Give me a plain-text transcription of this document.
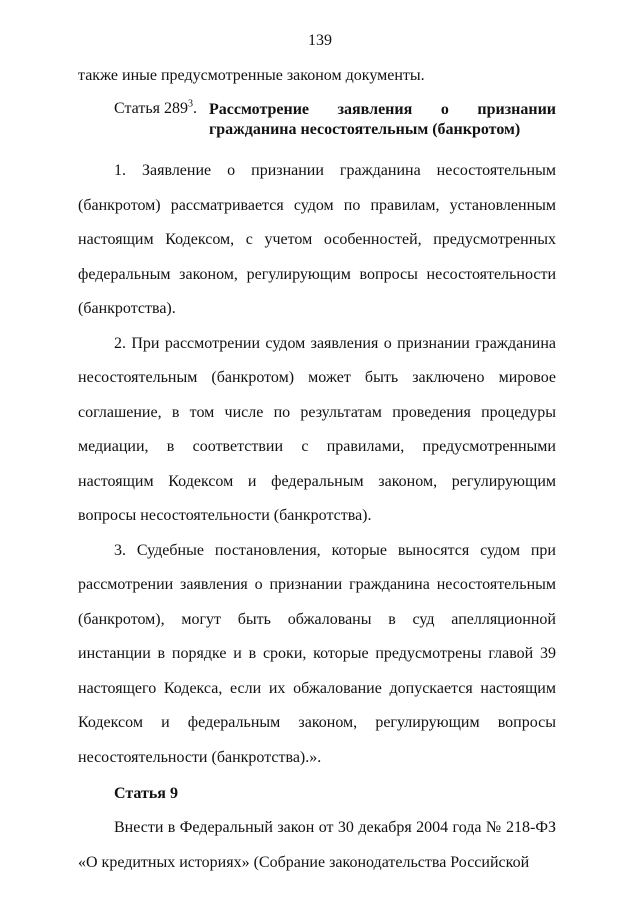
139

также иные предусмотренные законом документы.

Статья $289^3$. Рассмотрение заявления о признании гражданина несостоятельным (банкротом)

1. Заявление о признании гражданина несостоятельным (банкротом) рассматривается судом по правилам, установленным настоящим Кодексом, с учетом особенностей, предусмотренных федеральным законом, регулирующим вопросы несостоятельности (банкротства).

2. При рассмотрении судом заявления о признании гражданина несостоятельным (банкротом) может быть заключено мировое соглашение, в том числе по результатам проведения процедуры медиации, в соответствии с правилами, предусмотренными настоящим Кодексом и федеральным законом, регулирующим вопросы несостоятельности (банкротства).

3. Судебные постановления, которые выносятся судом при рассмотрении заявления о признании гражданина несостоятельным (банкротом), могут быть обжалованы в суд апелляционной инстанции в порядке и в сроки, которые предусмотрены главой 39 настоящего Кодекса, если их обжалование допускается настоящим Кодексом и федеральным законом, регулирующим вопросы несостоятельности (банкротства).».

Статья 9

Внести в Федеральный закон от 30 декабря 2004 года № 218-ФЗ «О кредитных историях» (Собрание законодательства Российской
